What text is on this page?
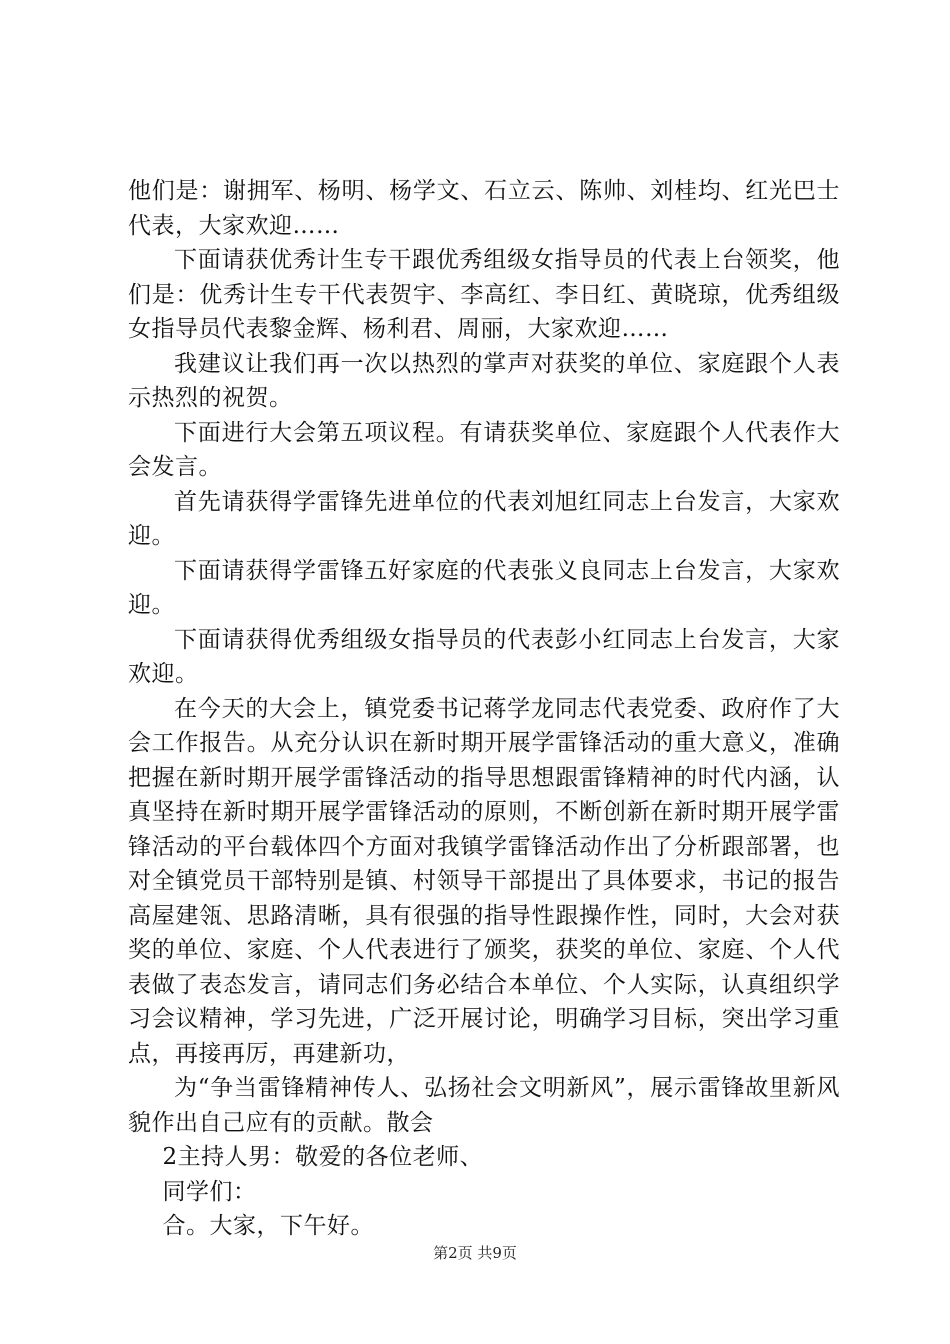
他们是：谢拥军、杨明、杨学文、石立云、陈帅、刘桂均、红光巴士代表，大家欢迎……

下面请获优秀计生专干跟优秀组级女指导员的代表上台领奖，他们是：优秀计生专干代表贺宇、李高红、李日红、黄晓琼，优秀组级女指导员代表黎金辉、杨利君、周丽，大家欢迎……

我建议让我们再一次以热烈的掌声对获奖的单位、家庭跟个人表示热烈的祝贺。

下面进行大会第五项议程。有请获奖单位、家庭跟个人代表作大会发言。

首先请获得学雷锋先进单位的代表刘旭红同志上台发言，大家欢迎。

下面请获得学雷锋五好家庭的代表张义良同志上台发言，大家欢迎。

下面请获得优秀组级女指导员的代表彭小红同志上台发言，大家欢迎。

在今天的大会上，镇党委书记蒋学龙同志代表党委、政府作了大会工作报告。从充分认识在新时期开展学雷锋活动的重大意义，准确把握在新时期开展学雷锋活动的指导思想跟雷锋精神的时代内涵，认真坚持在新时期开展学雷锋活动的原则，不断创新在新时期开展学雷锋活动的平台载体四个方面对我镇学雷锋活动作出了分析跟部署，也对全镇党员干部特别是镇、村领导干部提出了具体要求，书记的报告高屋建瓴、思路清晰，具有很强的指导性跟操作性，同时，大会对获奖的单位、家庭、个人代表进行了颁奖，获奖的单位、家庭、个人代表做了表态发言，请同志们务必结合本单位、个人实际，认真组织学习会议精神，学习先进，广泛开展讨论，明确学习目标，突出学习重点，再接再厉，再建新功，

为“争当雷锋精神传人、弘扬社会文明新风”，展示雷锋故里新风貌作出自己应有的贡献。散会

2主持人男：敬爱的各位老师、

同学们：

合。大家，下午好。

第2页 共9页
